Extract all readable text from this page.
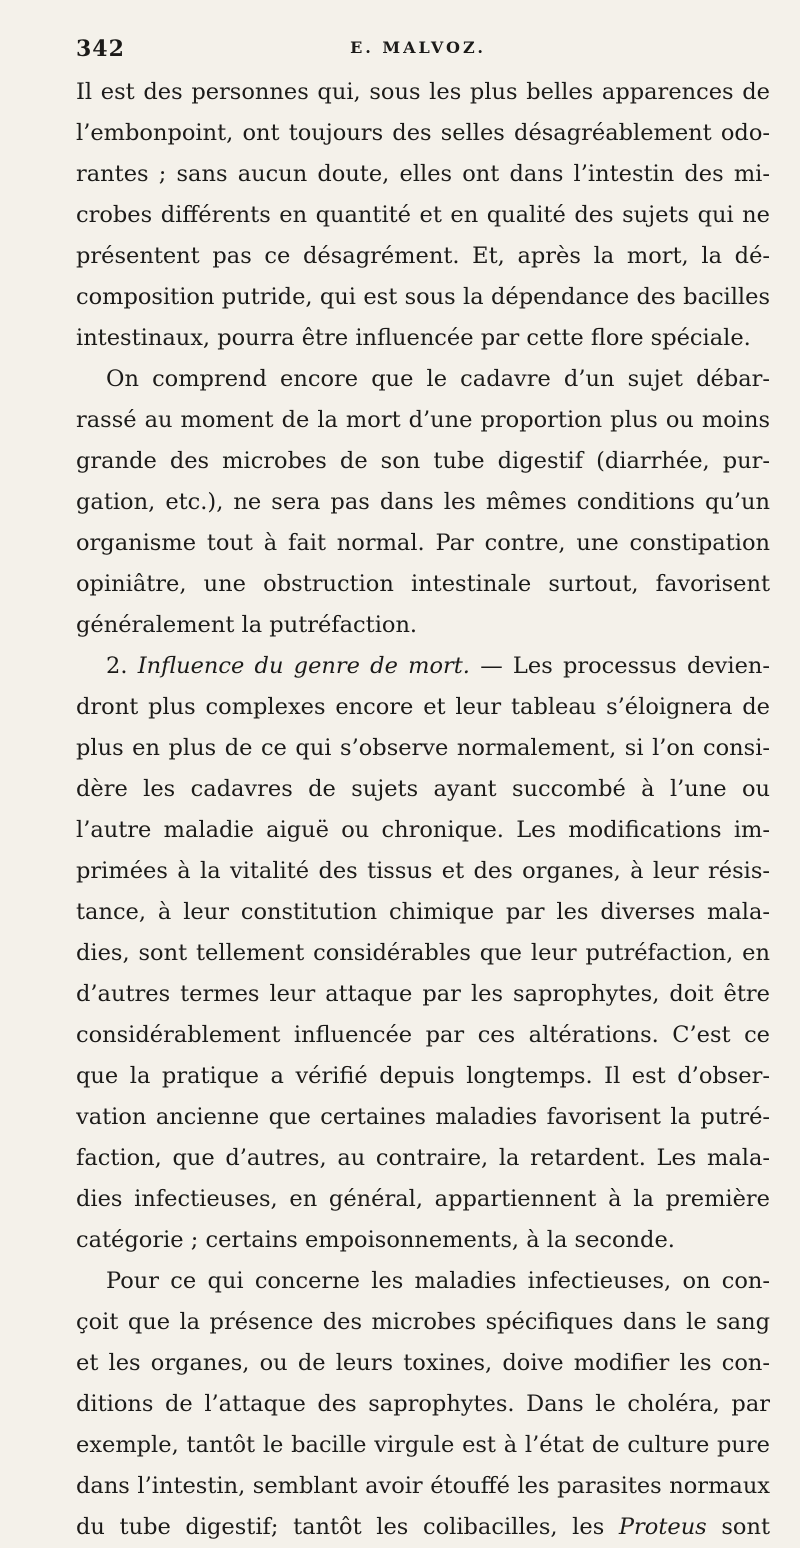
342	E. MALVOZ.
Il est des personnes qui, sous les plus belles apparences de
l’embonpoint, ont toujours des selles désagréablement odo-
rantes ; sans aucun doute, elles ont dans l’intestin des mi-
crobes différents en quantité et en qualité des sujets qui ne
présentent pas ce désagrément. Et, après la mort, la dé-
composition putride, qui est sous la dépendance des bacilles
intestinaux, pourra être influencée par cette flore spéciale.
On comprend encore que le cadavre d’un sujet débar-
rassé au moment de la mort d’une proportion plus ou moins
grande des microbes de son tube digestif (diarrhée, pur-
gation, etc.), ne sera pas dans les mêmes conditions qu’un
organisme tout à fait normal. Par contre, une constipation
opiniâtre, une obstruction intestinale surtout, favorisent
généralement la putréfaction.
2. Influence du genre de mort. — Les processus devien-
dront plus complexes encore et leur tableau s’éloignera de
plus en plus de ce qui s’observe normalement, si l’on consi-
dère les cadavres de sujets ayant succombé à l’une ou
l’autre maladie aiguë ou chronique. Les modifications im-
primées à la vitalité des tissus et des organes, à leur résis-
tance, à leur constitution chimique par les diverses mala-
dies, sont tellement considérables que leur putréfaction, en
d’autres termes leur attaque par les saprophytes, doit être
considérablement influencée par ces altérations. C’est ce
que la pratique a vérifié depuis longtemps. Il est d’obser-
vation ancienne que certaines maladies favorisent la putré-
faction, que d’autres, au contraire, la retardent. Les mala-
dies infectieuses, en général, appartiennent à la première
catégorie ; certains empoisonnements, à la seconde.
Pour ce qui concerne les maladies infectieuses, on con-
çoit que la présence des microbes spécifiques dans le sang
et les organes, ou de leurs toxines, doive modifier les con-
ditions de l’attaque des saprophytes. Dans le choléra, par
exemple, tantôt le bacille virgule est à l’état de culture pure
dans l’intestin, semblant avoir étouffé les parasites normaux
du tube digestif; tantôt les colibacilles, les Proteus sont
